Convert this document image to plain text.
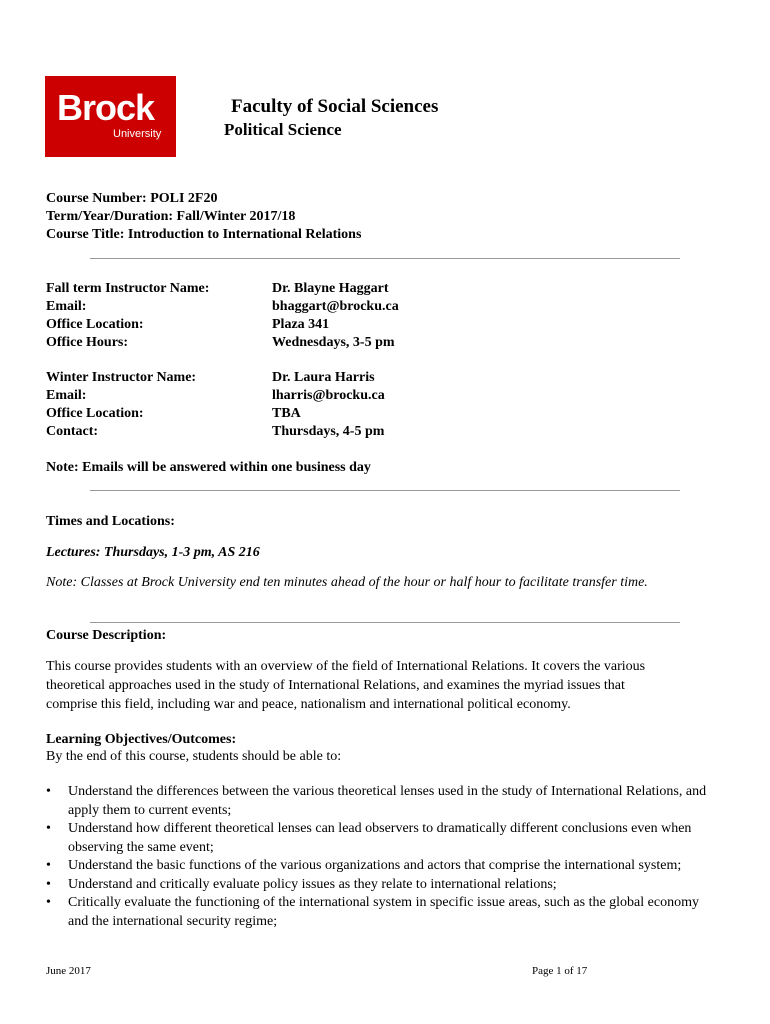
Brock
University
Faculty of Social Sciences
Political Science
Course Number: POLI 2F20
Term/Year/Duration: Fall/Winter 2017/18
Course Title: Introduction to International Relations
Fall term Instructor Name:
Email:
Office Location:
Office Hours:
Dr. Blayne Haggart
bhaggart@brocku.ca
Plaza 341
Wednesdays, 3-5 pm
Winter Instructor Name:
Email:
Office Location:
Contact:
Dr. Laura Harris
lharris@brocku.ca
TBA
Thursdays, 4-5 pm
Note: Emails will be answered within one business day
Times and Locations:
Lectures: Thursdays, 1-3 pm, AS 216
Note: Classes at Brock University end ten minutes ahead of the hour or half hour to facilitate transfer time.
Course Description:
This course provides students with an overview of the field of International Relations. It covers the various
theoretical approaches used in the study of International Relations, and examines the myriad issues that
comprise this field, including war and peace, nationalism and international political economy.
Learning Objectives/Outcomes:
By the end of this course, students should be able to:
• Understand the differences between the various theoretical lenses used in the study of International Relations, and apply them to current events;
• Understand how different theoretical lenses can lead observers to dramatically different conclusions even when observing the same event;
• Understand the basic functions of the various organizations and actors that comprise the international system;
• Understand and critically evaluate policy issues as they relate to international relations;
• Critically evaluate the functioning of the international system in specific issue areas, such as the global economy and the international security regime;
June 2017	Page 1 of 17
